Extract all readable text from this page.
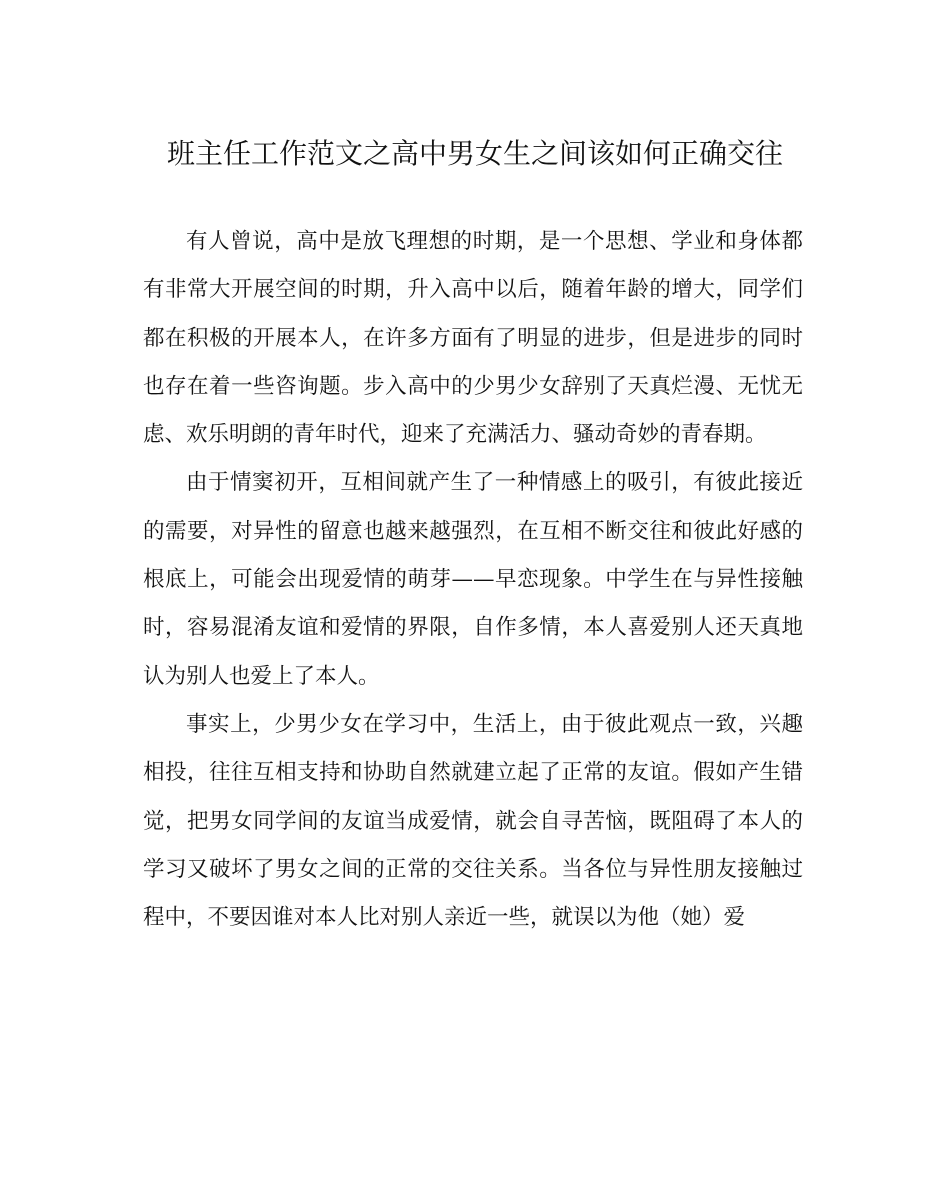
班主任工作范文之高中男女生之间该如何正确交往

有人曾说，高中是放飞理想的时期，是一个思想、学业和身体都有非常大开展空间的时期，升入高中以后，随着年龄的增大，同学们都在积极的开展本人，在许多方面有了明显的进步，但是进步的同时也存在着一些咨询题。步入高中的少男少女辞别了天真烂漫、无忧无虑、欢乐明朗的青年时代，迎来了充满活力、骚动奇妙的青春期。

由于情窦初开，互相间就产生了一种情感上的吸引，有彼此接近的需要，对异性的留意也越来越强烈，在互相不断交往和彼此好感的根底上，可能会出现爱情的萌芽——早恋现象。中学生在与异性接触时，容易混淆友谊和爱情的界限，自作多情，本人喜爱别人还天真地认为别人也爱上了本人。

事实上，少男少女在学习中，生活上，由于彼此观点一致，兴趣相投，往往互相支持和协助自然就建立起了正常的友谊。假如产生错觉，把男女同学间的友谊当成爱情，就会自寻苦恼，既阻碍了本人的学习又破坏了男女之间的正常的交往关系。当各位与异性朋友接触过程中，不要因谁对本人比对别人亲近一些，就误以为他（她）爱
